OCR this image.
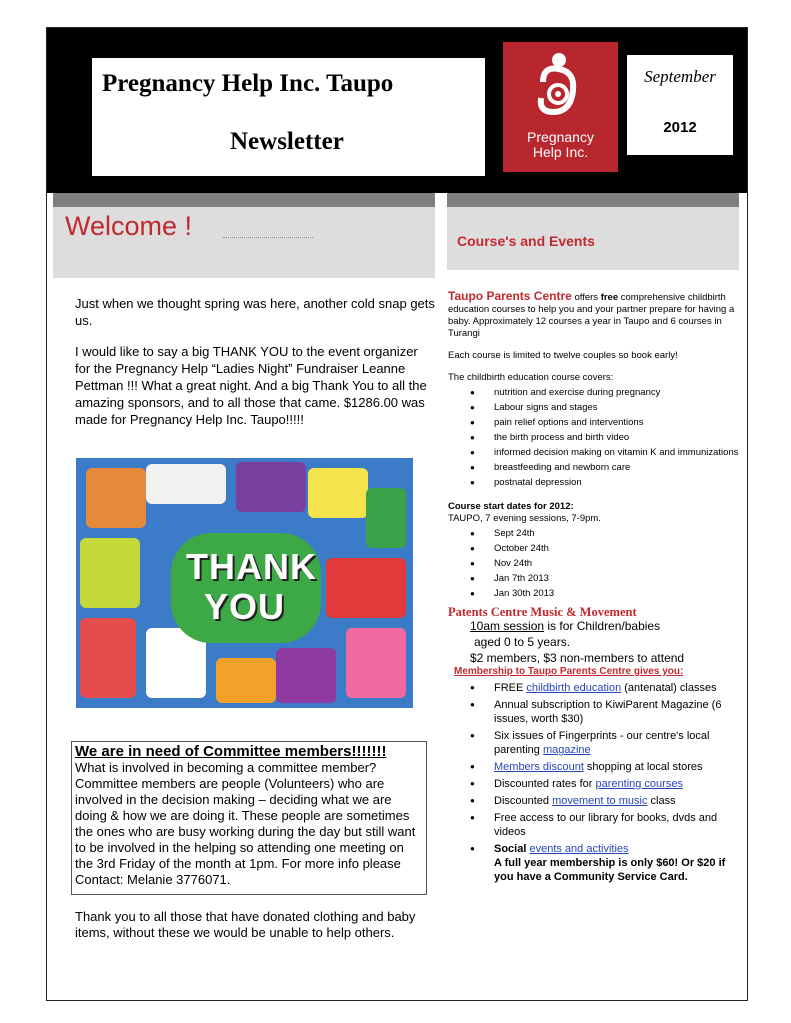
Pregnancy Help Inc. Taupo
Newsletter	Pregnancy
Help Inc.
September
2012
Welcome !	Course's and Events

Just when we thought spring was here, another cold snap gets us.

I would like to say a big THANK YOU to the event organizer for the Pregnancy Help “Ladies Night” Fundraiser Leanne Pettman !!! What a great night. And a big Thank You to all the amazing sponsors, and to all those that came. $1286.00 was made for Pregnancy Help Inc. Taupo!!!!!

THANK
YOU
We are in need of Committee members!!!!!!!
What is involved in becoming a committee member? Committee members are people (Volunteers) who are involved in the decision making – deciding what we are doing & how we are doing it. These people are sometimes the ones who are busy working during the day but still want to be involved in the helping so attending one meeting on the 3rd Friday of the month at 1pm. For more info please Contact: Melanie 3776071.
Thank you to all those that have donated clothing and baby items, without these we would be unable to help others.
Taupo Parents Centre offers free comprehensive childbirth education courses to help you and your partner prepare for having a baby. Approximately 12 courses a year in Taupo and 6 courses in Turangi
Each course is limited to twelve couples so book early!
The childbirth education course covers:
● nutrition and exercise during pregnancy
● Labour signs and stages
● pain relief options and interventions
● the birth process and birth video
● informed decision making on vitamin K and immunizations
● breastfeeding and newborn care
● postnatal depression
Course start dates for 2012:
TAUPO, 7 evening sessions, 7-9pm.
● Sept 24th
● October 24th
● Nov 24th
● Jan 7th 2013
● Jan 30th 2013
Patents Centre Music & Movement
10am session is for Children/babies
aged 0 to 5 years.
$2 members, $3 non-members to attend
Membership to Taupo Parents Centre gives you:
● FREE childbirth education (antenatal) classes
● Annual subscription to KiwiParent Magazine (6 issues, worth $30)
● Six issues of Fingerprints - our centre's local parenting magazine
● Members discount shopping at local stores
● Discounted rates for parenting courses
● Discounted movement to music class
● Free access to our library for books, dvds and videos
● Social events and activities
A full year membership is only $60! Or $20 if you have a Community Service Card.
